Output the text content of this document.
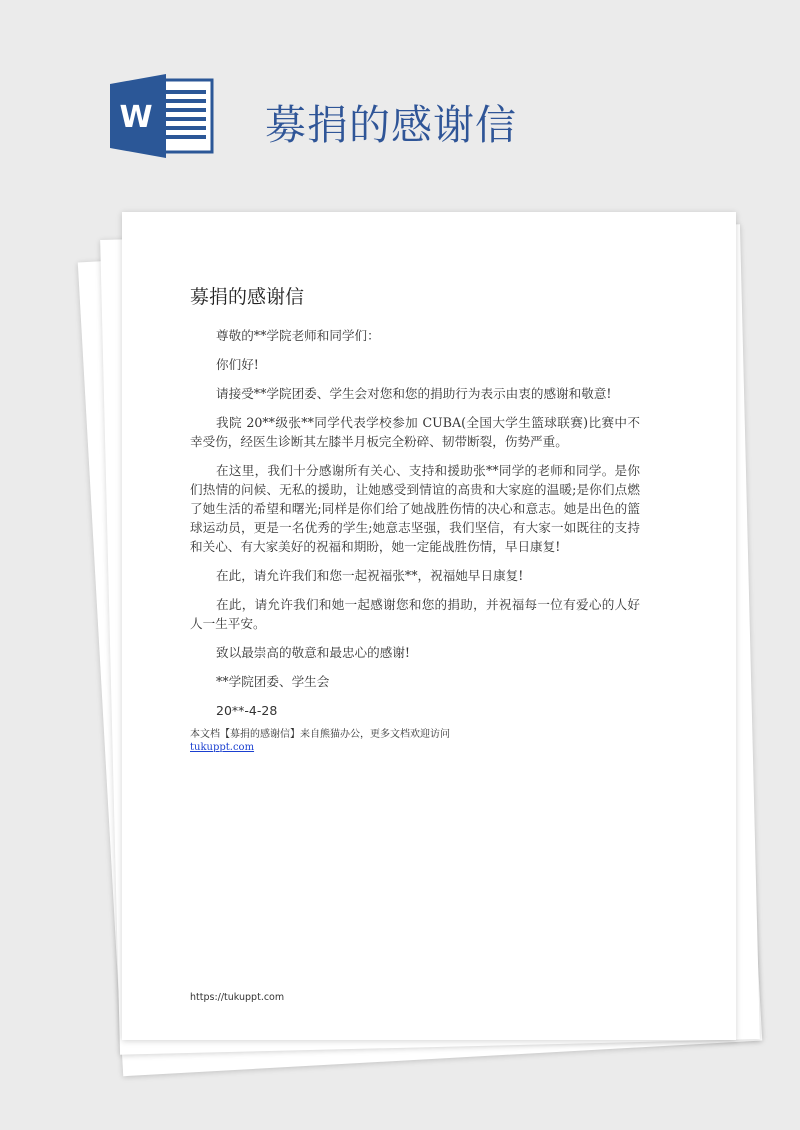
W	募捐的感谢信
募捐的感谢信

尊敬的**学院老师和同学们：

你们好!

请接受**学院团委、学生会对您和您的捐助行为表示由衷的感谢和敬意!

我院 20**级张**同学代表学校参加 CUBA(全国大学生篮球联赛)比赛中不幸受伤，经医生诊断其左膝半月板完全粉碎、韧带断裂，伤势严重。

在这里，我们十分感谢所有关心、支持和援助张**同学的老师和同学。是你们热情的问候、无私的援助，让她感受到情谊的高贵和大家庭的温暖;是你们点燃了她生活的希望和曙光;同样是你们给了她战胜伤情的决心和意志。她是出色的篮球运动员，更是一名优秀的学生;她意志坚强，我们坚信，有大家一如既往的支持和关心、有大家美好的祝福和期盼，她一定能战胜伤情，早日康复!

在此，请允许我们和您一起祝福张**，祝福她早日康复!

在此，请允许我们和她一起感谢您和您的捐助，并祝福每一位有爱心的人好人一生平安。

致以最崇高的敬意和最忠心的感谢!

**学院团委、学生会

20**-4-28

本文档【募捐的感谢信】来自熊猫办公，更多文档欢迎访问
tukuppt.com
https://tukuppt.com
